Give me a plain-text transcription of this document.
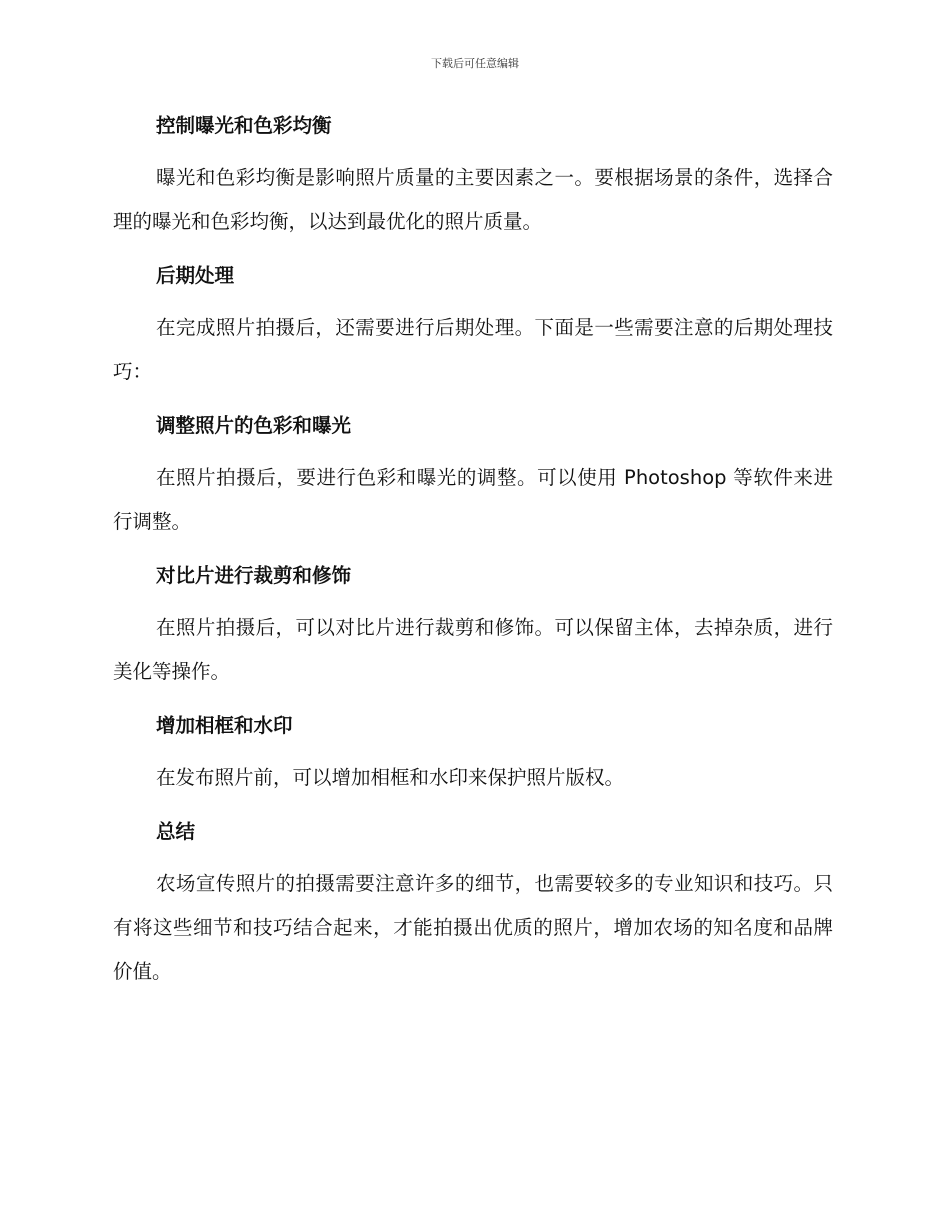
下载后可任意编辑
控制曝光和色彩均衡

曝光和色彩均衡是影响照片质量的主要因素之一。要根据场景的条件，选择合理的曝光和色彩均衡，以达到最优化的照片质量。

后期处理

在完成照片拍摄后，还需要进行后期处理。下面是一些需要注意的后期处理技巧：

调整照片的色彩和曝光

在照片拍摄后，要进行色彩和曝光的调整。可以使用 Photoshop 等软件来进行调整。

对比片进行裁剪和修饰

在照片拍摄后，可以对比片进行裁剪和修饰。可以保留主体，去掉杂质，进行美化等操作。

增加相框和水印

在发布照片前，可以增加相框和水印来保护照片版权。

总结

农场宣传照片的拍摄需要注意许多的细节，也需要较多的专业知识和技巧。只有将这些细节和技巧结合起来，才能拍摄出优质的照片，增加农场的知名度和品牌价值。
